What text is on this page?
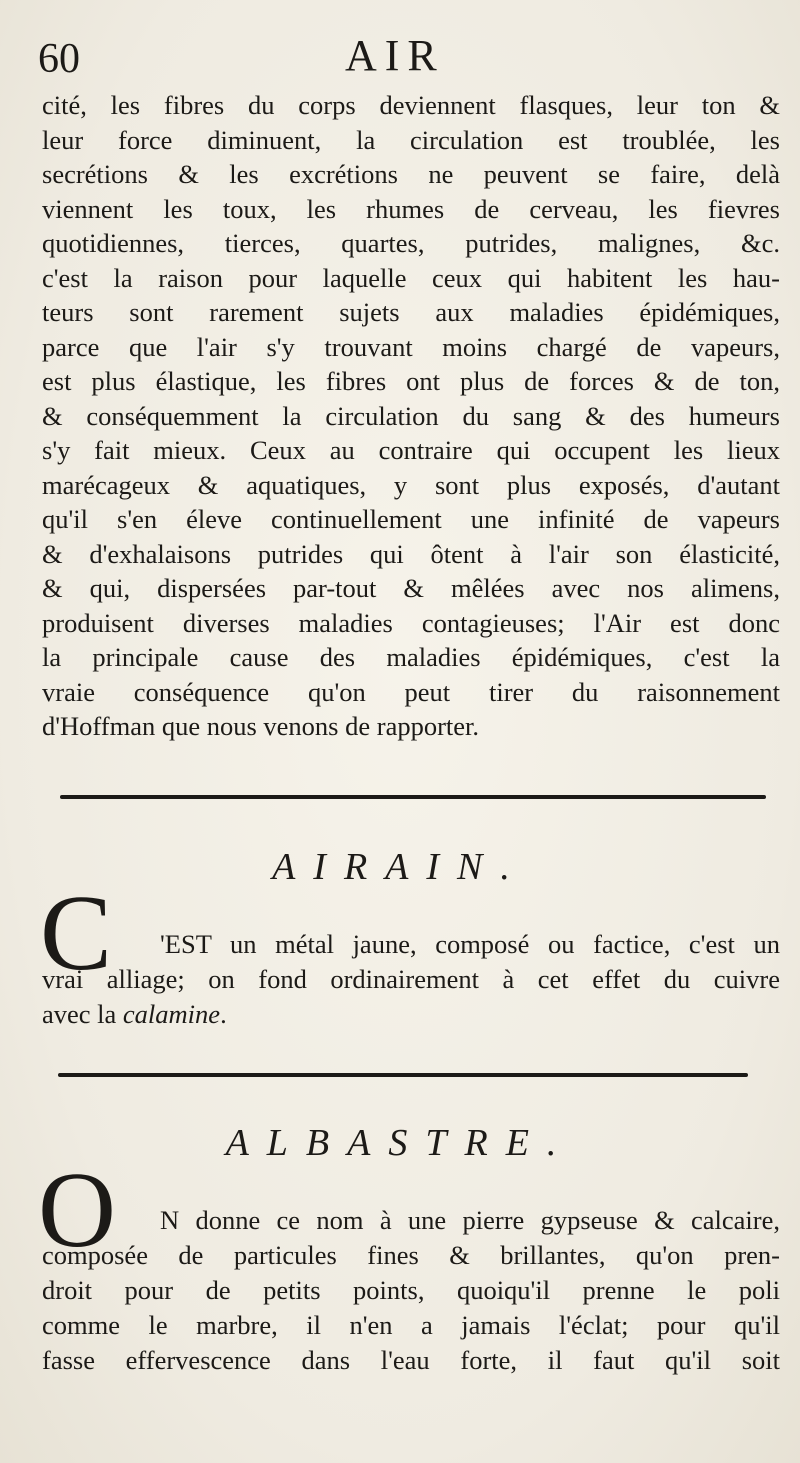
60	AIR
cité, les fibres du corps deviennent flasques, leur ton &
leur force diminuent, la circulation est troublée, les
secrétions & les excrétions ne peuvent se faire, delà
viennent les toux, les rhumes de cerveau, les fievres
quotidiennes, tierces, quartes, putrides, malignes, &c.
c'est la raison pour laquelle ceux qui habitent les hau-
teurs sont rarement sujets aux maladies épidémiques,
parce que l'air s'y trouvant moins chargé de vapeurs,
est plus élastique, les fibres ont plus de forces & de ton,
& conséquemment la circulation du sang & des humeurs
s'y fait mieux. Ceux au contraire qui occupent les lieux
marécageux & aquatiques, y sont plus exposés, d'autant
qu'il s'en éleve continuellement une infinité de vapeurs
& d'exhalaisons putrides qui ôtent à l'air son élasticité,
& qui, dispersées par-tout & mêlées avec nos alimens,
produisent diverses maladies contagieuses; l'Air est donc
la principale cause des maladies épidémiques, c'est la
vraie conséquence qu'on peut tirer du raisonnement
d'Hoffman que nous venons de rapporter.
AIRAIN.
C	'EST un métal jaune, composé ou factice, c'est un
vrai alliage; on fond ordinairement à cet effet du cuivre
avec la calamine.
ALBASTRE.
O	N donne ce nom à une pierre gypseuse & calcaire,
composée de particules fines & brillantes, qu'on pren-
droit pour de petits points, quoiqu'il prenne le poli
comme le marbre, il n'en a jamais l'éclat; pour qu'il
fasse effervescence dans l'eau forte, il faut qu'il soit
